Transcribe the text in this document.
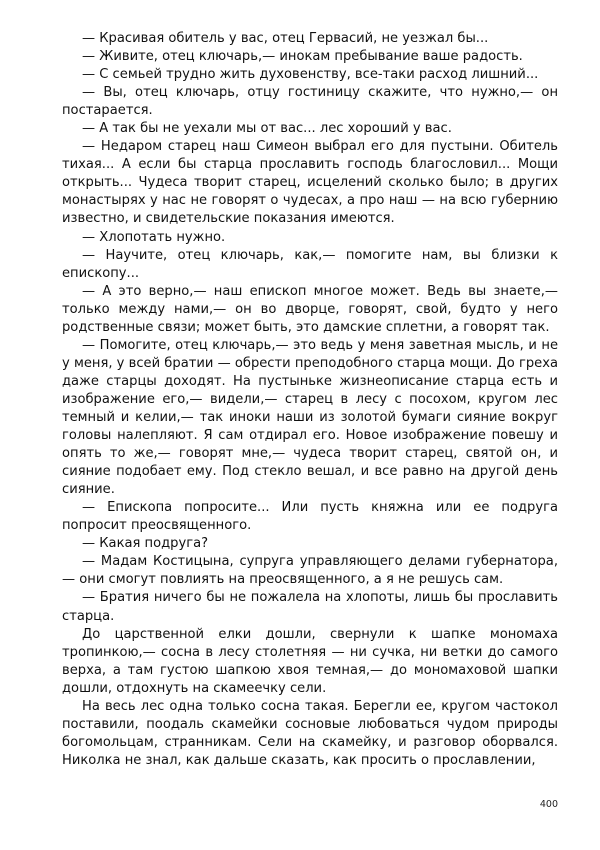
— Красивая обитель у вас, отец Гервасий, не уезжал бы...

— Живите, отец ключарь,— инокам пребывание ваше радость.

— С семьей трудно жить духовенству, все-таки расход лишний...

— Вы, отец ключарь, отцу гостиницу скажите, что нужно,— он постарается.

— А так бы не уехали мы от вас... лес хороший у вас.

— Недаром старец наш Симеон выбрал его для пустыни. Обитель тихая... А если бы старца прославить господь благословил... Мощи открыть... Чудеса творит старец, исцелений сколько было; в других монастырях у нас не говорят о чудесах, а про наш — на всю губернию известно, и свидетельские показания имеются.

— Хлопотать нужно.

— Научите, отец ключарь, как,— помогите нам, вы близки к епископу...

— А это верно,— наш епископ многое может. Ведь вы знаете,— только между нами,— он во дворце, говорят, свой, будто у него родственные связи; может быть, это дамские сплетни, а говорят так.

— Помогите, отец ключарь,— это ведь у меня заветная мысль, и не у меня, у всей братии — обрести преподобного старца мощи. До греха даже старцы доходят. На пустыньке жизнеописание старца есть и изображение его,— видели,— старец в лесу с посохом, кругом лес темный и келии,— так иноки наши из золотой бумаги сияние вокруг головы налепляют. Я сам отдирал его. Новое изображение повешу и опять то же,— говорят мне,— чудеса творит старец, святой он, и сияние подобает ему. Под стекло вешал, и все равно на другой день сияние.

— Епископа попросите... Или пусть княжна или ее подруга попросит преосвященного.

— Какая подруга?

— Мадам Костицына, супруга управляющего делами губернатора, — они смогут повлиять на преосвященного, а я не решусь сам.

— Братия ничего бы не пожалела на хлопоты, лишь бы прославить старца.

До царственной елки дошли, свернули к шапке мономаха тропинкою,— сосна в лесу столетняя — ни сучка, ни ветки до самого верха, а там густою шапкою хвоя темная,— до мономаховой шапки дошли, отдохнуть на скамеечку сели.

На весь лес одна только сосна такая. Берегли ее, кругом частокол поставили, поодаль скамейки сосновые любоваться чудом природы богомольцам, странникам. Сели на скамейку, и разговор оборвался. Николка не знал, как дальше сказать, как просить о прославлении,

400
